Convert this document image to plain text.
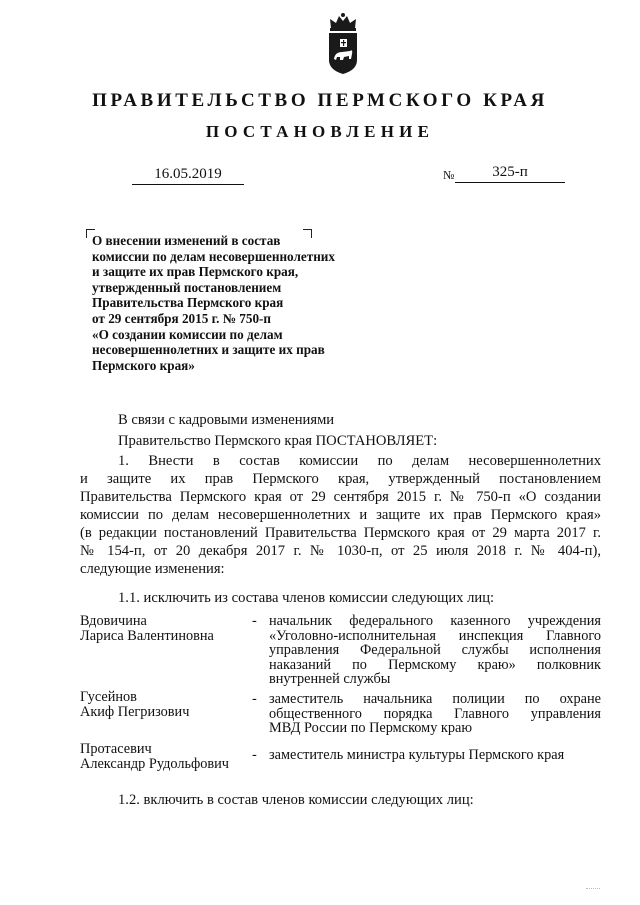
ПРАВИТЕЛЬСТВО ПЕРМСКОГО КРАЯ
ПОСТАНОВЛЕНИЕ
16.05.2019	№	325-п
О внесении изменений в состав
комиссии по делам несовершеннолетних
и защите их прав Пермского края,
утвержденный постановлением
Правительства Пермского края
от 29 сентября 2015 г. № 750-п
«О создании комиссии по делам
несовершеннолетних и защите их прав
Пермского края»
В связи с кадровыми изменениями
Правительство Пермского края ПОСТАНОВЛЯЕТ:
1. Внести в состав комиссии по делам несовершеннолетних
и защите их прав Пермского края, утвержденный постановлением
Правительства Пермского края от 29 сентября 2015 г. № 750-п «О создании
комиссии по делам несовершеннолетних и защите их прав Пермского края»
(в редакции постановлений Правительства Пермского края от 29 марта 2017 г.
№ 154-п, от 20 декабря 2017 г. № 1030-п, от 25 июля 2018 г. № 404-п),
следующие изменения:
1.1. исключить из состава членов комиссии следующих лиц:
Вдовичина
Лариса Валентиновна
- начальник федерального казенного учреждения
«Уголовно-исполнительная инспекция Главного
управления Федеральной службы исполнения
наказаний по Пермскому краю» полковник
внутренней службы
Гусейнов
Акиф Пегризович
- заместитель начальника полиции по охране
общественного порядка Главного управления
МВД России по Пермскому краю
Протасевич
Александр Рудольфович
- заместитель министра культуры Пермского края
1.2. включить в состав членов комиссии следующих лиц:
